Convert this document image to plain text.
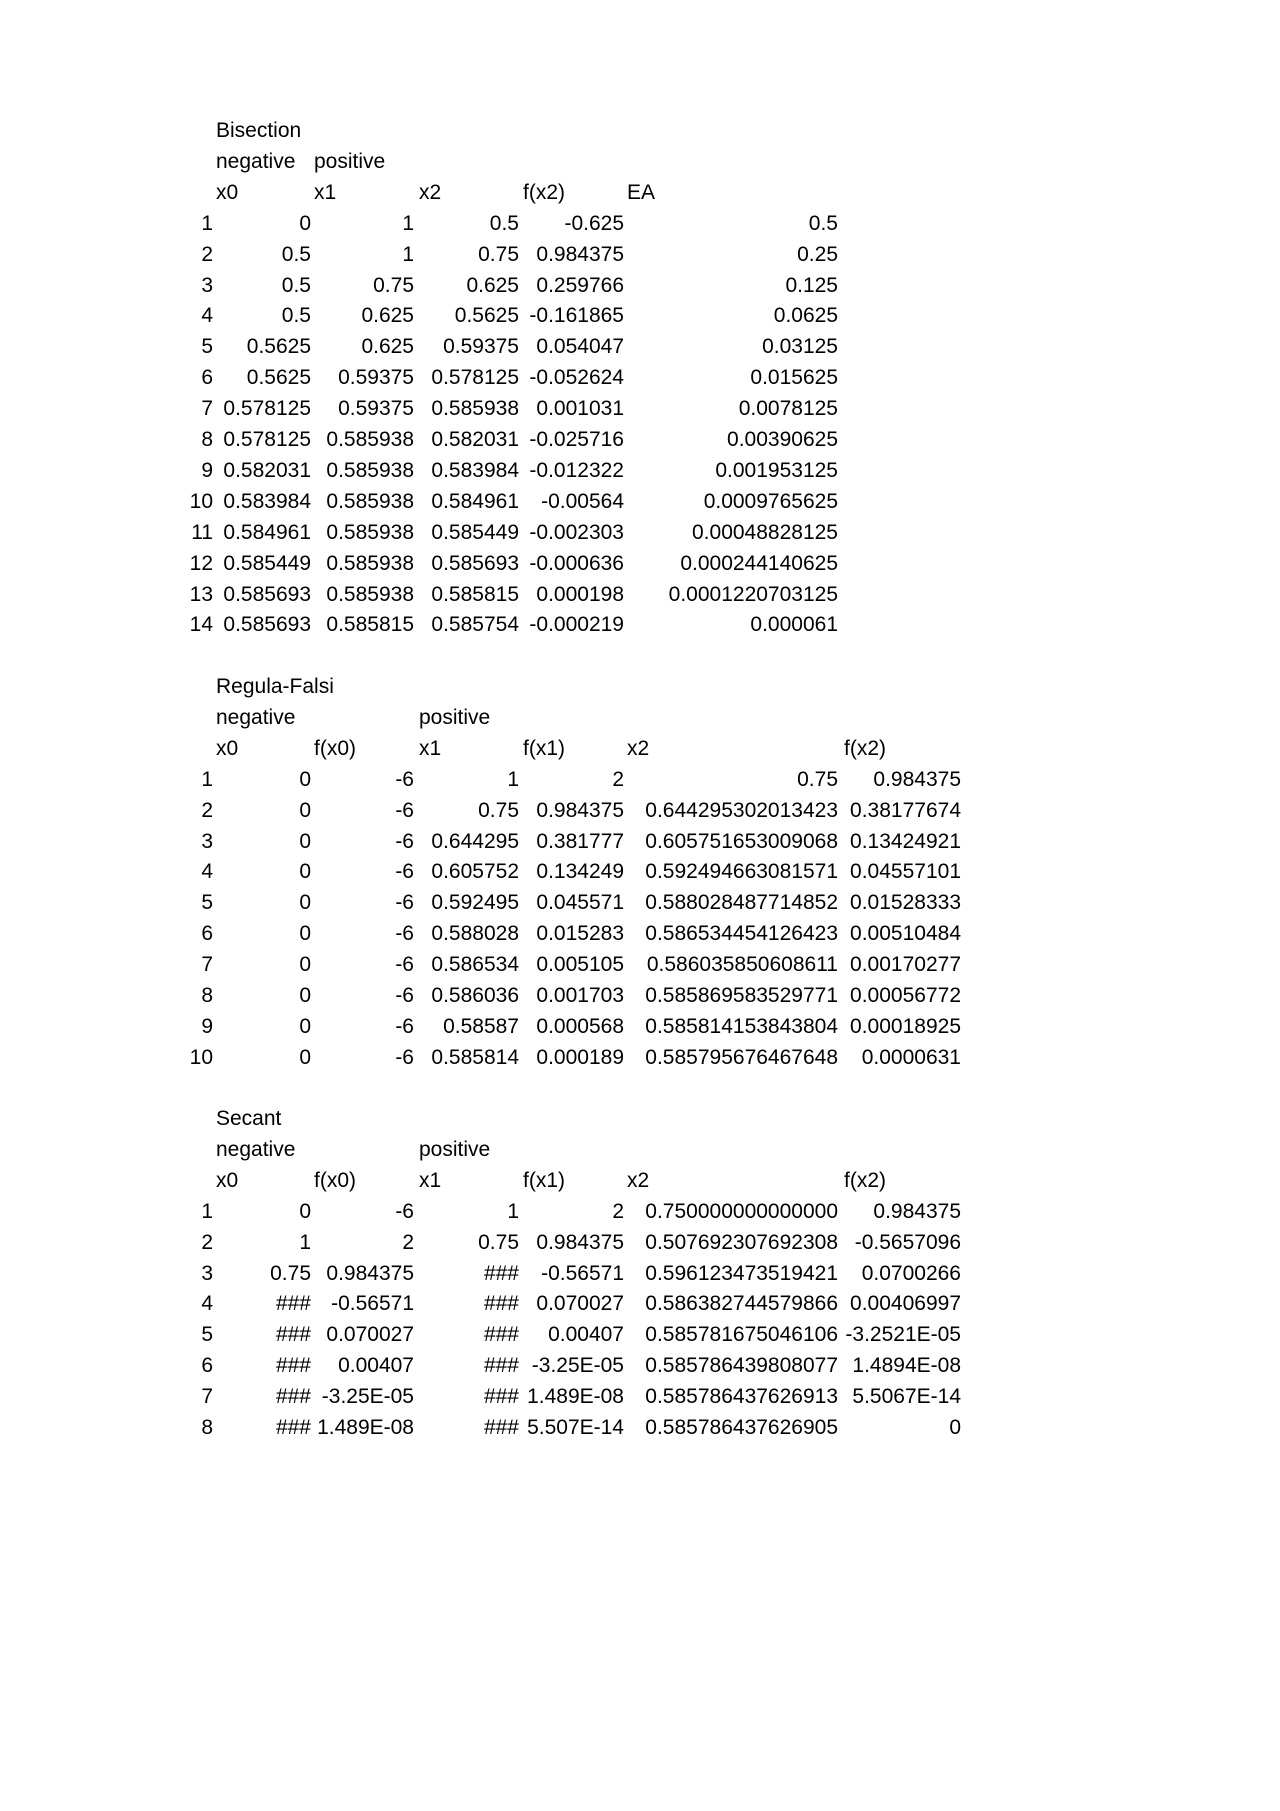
Bisection
negative positive
x0	x1	x2	f(x2)	EA
1	0	1	0.5 -0.625	0.5
2	0.5	1	0.75 0.984375	0.25
3	0.5	0.75 0.625 0.259766	0.125
4	0.5 0.625 0.5625 -0.161865	0.0625
5 0.5625 0.625 0.59375 0.054047	0.03125
6 0.5625 0.59375 0.578125 -0.052624	0.015625
7 0.578125 0.59375 0.585938 0.001031	0.0078125
8 0.578125 0.585938 0.582031 -0.025716	0.00390625
9 0.582031 0.585938 0.583984 -0.012322	0.001953125
10 0.583984 0.585938 0.584961 -0.00564	0.0009765625
11 0.584961 0.585938 0.585449 -0.002303	0.00048828125
12 0.585449 0.585938 0.585693 -0.000636	0.000244140625
13 0.585693 0.585938 0.585815 0.000198 0.0001220703125
14 0.585693 0.585815 0.585754 -0.000219	0.000061
Regula-Falsi
negative	positive
x0	f(x0)	x1	f(x1)	x2	f(x2)
1	0	-6	1	2	0.75 0.984375
2	0	-6	0.75 0.984375 0.644295302013423 0.38177674
3	0	-6 0.644295 0.381777 0.605751653009068 0.13424921
4	0	-6 0.605752 0.134249 0.592494663081571 0.04557101
5	0	-6 0.592495 0.045571 0.588028487714852 0.01528333
6	0	-6 0.588028 0.015283 0.586534454126423 0.00510484
7	0	-6 0.586534 0.005105 0.586035850608611 0.00170277
8	0	-6 0.586036 0.001703 0.585869583529771 0.00056772
9	0	-6 0.58587 0.000568 0.585814153843804 0.00018925
10	0	-6 0.585814 0.000189 0.585795676467648 0.0000631
Secant
negative	positive
x0	f(x0)	x1	f(x1)	x2	f(x2)
1	0	-6	1	2 0.750000000000000 0.984375
2	1	2	0.75 0.984375 0.507692307692308 -0.5657096
3	0.75 0.984375	### -0.56571 0.596123473519421 0.0700266
4	### -0.56571	### 0.070027 0.586382744579866 0.00406997
5	### 0.070027	### 0.00407 0.585781675046106 -3.2521E-05
6	### 0.00407	### -3.25E-05 0.585786439808077 1.4894E-08
7	### -3.25E-05	### 1.489E-08 0.585786437626913 5.5067E-14
8	### 1.489E-08	### 5.507E-14 0.585786437626905	0
